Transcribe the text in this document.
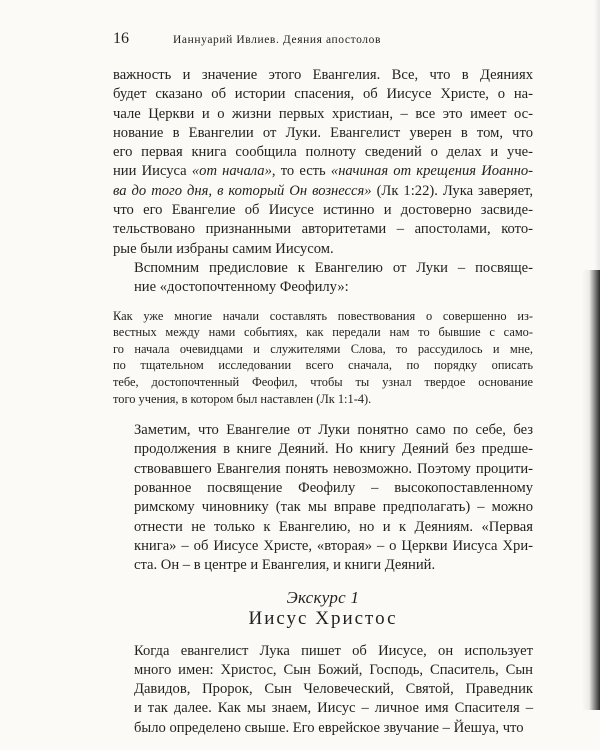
16	Ианнуарий Ивлиев. Деяния апостолов

важность и значение этого Евангелия. Все, что в Деяниях
будет сказано об истории спасения, об Иисусе Христе, о на-
чале Церкви и о жизни первых христиан, – все это имеет ос-
нование в Евангелии от Луки. Евангелист уверен в том, что
его первая книга сообщила полноту сведений о делах и уче-
нии Иисуса «от начала», то есть «начиная от крещения Иоанно-
ва до того дня, в который Он вознесся» (Лк 1:22). Лука заверяет,
что его Евангелие об Иисусе истинно и достоверно засвиде-
тельствовано признанными авторитетами – апостолами, кото-
рые были избраны самим Иисусом.

Вспомним предисловие к Евангелию от Луки – посвяще-
ние «достопочтенному Феофилу»:

Как уже многие начали составлять повествования о совершенно из-
вестных между нами событиях, как передали нам то бывшие с само-
го начала очевидцами и служителями Слова, то рассудилось и мне,
по тщательном исследовании всего сначала, по порядку описать
тебе, достопочтенный Феофил, чтобы ты узнал твердое основание
того учения, в котором был наставлен (Лк 1:1-4).

Заметим, что Евангелие от Луки понятно само по себе, без
продолжения в книге Деяний. Но книгу Деяний без предше-
ствовавшего Евангелия понять невозможно. Поэтому процити-
рованное посвящение Феофилу – высокопоставленному
римскому чиновнику (так мы вправе предполагать) – можно
отнести не только к Евангелию, но и к Деяниям. «Первая
книга» – об Иисусе Христе, «вторая» – о Церкви Иисуса Хри-
ста. Он – в центре и Евангелия, и книги Деяний.

Экскурс 1
Иисус Христос

Когда евангелист Лука пишет об Иисусе, он использует
много имен: Христос, Сын Божий, Господь, Спаситель, Сын
Давидов, Пророк, Сын Человеческий, Святой, Праведник
и так далее. Как мы знаем, Иисус – личное имя Спасителя –
было определено свыше. Его еврейское звучание – Йешуа, что
